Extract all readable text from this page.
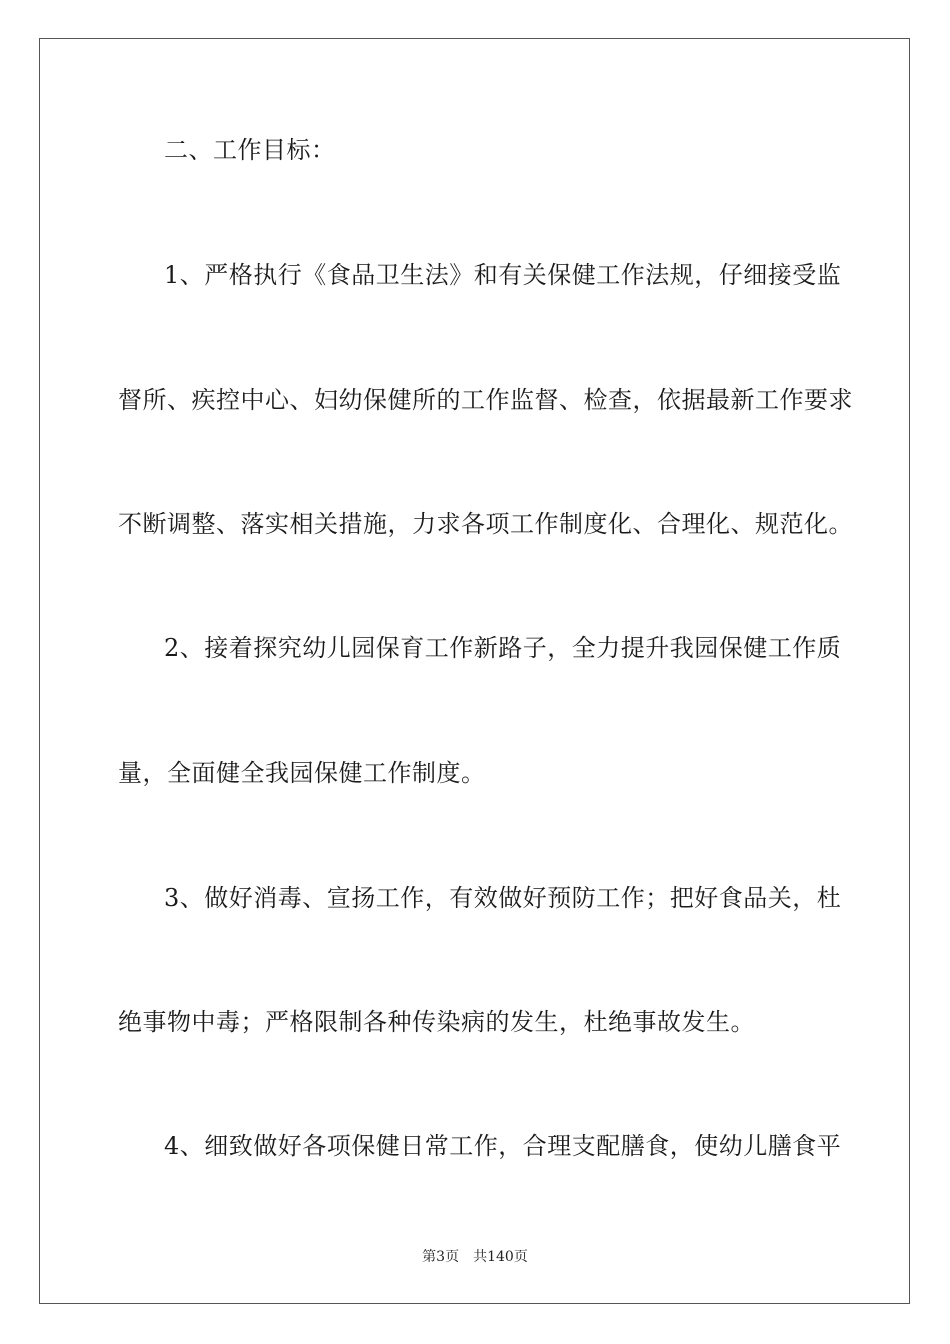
二、工作目标：
1、严格执行《食品卫生法》和有关保健工作法规，仔细接受监
督所、疾控中心、妇幼保健所的工作监督、检查，依据最新工作要求
不断调整、落实相关措施，力求各项工作制度化、合理化、规范化。
2、接着探究幼儿园保育工作新路子，全力提升我园保健工作质
量，全面健全我园保健工作制度。
3、做好消毒、宣扬工作，有效做好预防工作；把好食品关，杜
绝事物中毒；严格限制各种传染病的发生，杜绝事故发生。
4、细致做好各项保健日常工作，合理支配膳食，使幼儿膳食平
第3页 共140页
